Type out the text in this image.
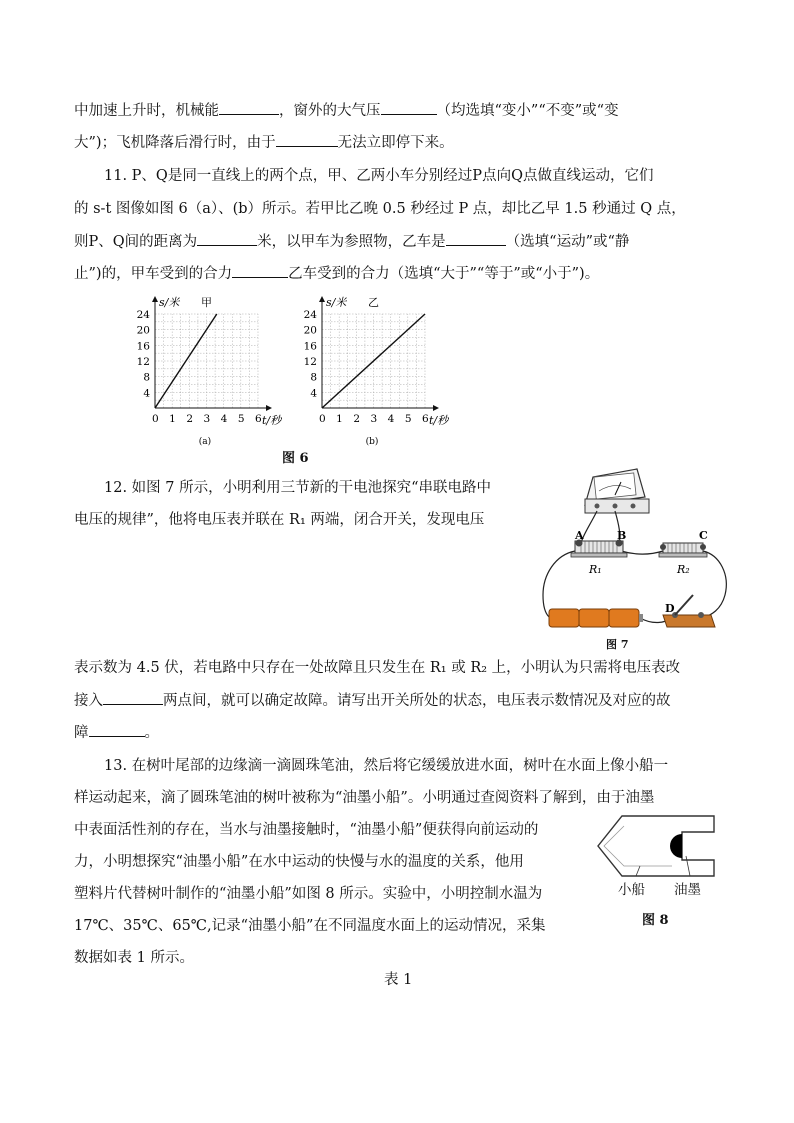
中加速上升时，机械能	，窗外的大气压	（均选填“变小”“不变”或“变
大”)；飞机降落后滑行时，由于	无法立即停下来。
11. P、Q是同一直线上的两个点，甲、乙两小车分别经过P点向Q点做直线运动，它们
的 s-t 图像如图 6（a）、(b）所示。若甲比乙晚 0.5 秒经过 P 点，却比乙早 1.5 秒通过 Q 点，
则P、Q间的距离为	米，以甲车为参照物，乙车是	（选填“运动”或“静
止”)的，甲车受到的合力	乙车受到的合力（选填“大于”“等于”或“小于”)。
0 1 2 3 4 5 6
4
8
12
16
20
24
s/米 甲
t/秒
(a)
0 1 2 3 4 5 6
4
8
12
16
20
24
s/米 乙
t/秒
(b)
图 6
12. 如图 7 所示，小明利用三节新的干电池探究“串联电路中
电压的规律”，他将电压表并联在 R₁ 两端，闭合开关，发现电压
表示数为 4.5 伏，若电路中只存在一处故障且只发生在 R₁ 或 R₂ 上，小明认为只需将电压表改
接入	两点间，就可以确定故障。请写出开关所处的状态，电压表示数情况及对应的故
障	。
A	B	C
D
R₁	R₂
图 7
13. 在树叶尾部的边缘滴一滴圆珠笔油，然后将它缓缓放进水面，树叶在水面上像小船一
样运动起来，滴了圆珠笔油的树叶被称为“油墨小船”。小明通过查阅资料了解到，由于油墨
中表面活性剂的存在，当水与油墨接触时，“油墨小船”便获得向前运动的
力，小明想探究“油墨小船”在水中运动的快慢与水的温度的关系，他用
塑料片代替树叶制作的“油墨小船”如图 8 所示。实验中，小明控制水温为
17℃、35℃、65℃,记录“油墨小船”在不同温度水面上的运动情况，采集
数据如表 1 所示。
小船 油墨
图 8
表 1
